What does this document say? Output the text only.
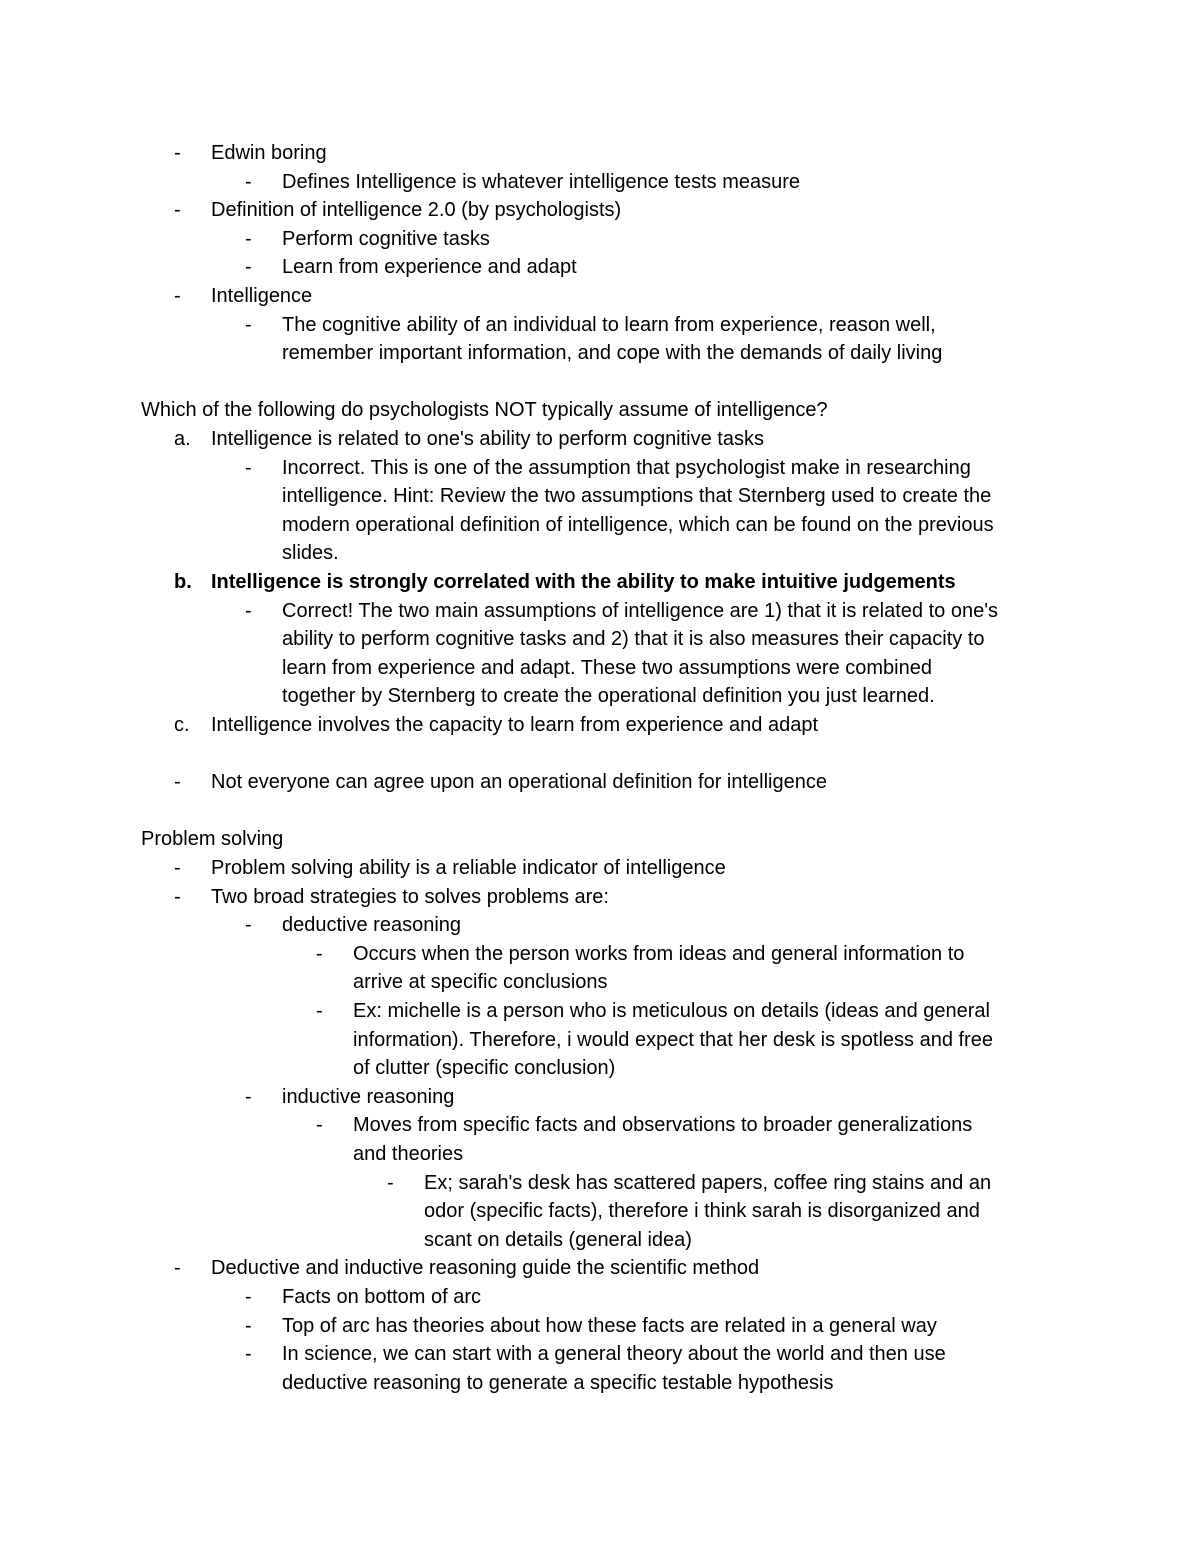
- Edwin boring
- Defines Intelligence is whatever intelligence tests measure
- Definition of intelligence 2.0 (by psychologists)
- Perform cognitive tasks
- Learn from experience and adapt
- Intelligence
- The cognitive ability of an individual to learn from experience, reason well,
remember important information, and cope with the demands of daily living
Which of the following do psychologists NOT typically assume of intelligence?
a. Intelligence is related to one's ability to perform cognitive tasks
- Incorrect. This is one of the assumption that psychologist make in researching
intelligence. Hint: Review the two assumptions that Sternberg used to create the
modern operational definition of intelligence, which can be found on the previous
slides.
b. Intelligence is strongly correlated with the ability to make intuitive judgements
- Correct! The two main assumptions of intelligence are 1) that it is related to one's
ability to perform cognitive tasks and 2) that it is also measures their capacity to
learn from experience and adapt. These two assumptions were combined
together by Sternberg to create the operational definition you just learned.
c. Intelligence involves the capacity to learn from experience and adapt
- Not everyone can agree upon an operational definition for intelligence
Problem solving
- Problem solving ability is a reliable indicator of intelligence
- Two broad strategies to solves problems are:
- deductive reasoning
- Occurs when the person works from ideas and general information to
arrive at specific conclusions
- Ex: michelle is a person who is meticulous on details (ideas and general
information). Therefore, i would expect that her desk is spotless and free
of clutter (specific conclusion)
- inductive reasoning
- Moves from specific facts and observations to broader generalizations
and theories
- Ex; sarah's desk has scattered papers, coffee ring stains and an
odor (specific facts), therefore i think sarah is disorganized and
scant on details (general idea)
- Deductive and inductive reasoning guide the scientific method
- Facts on bottom of arc
- Top of arc has theories about how these facts are related in a general way
- In science, we can start with a general theory about the world and then use
deductive reasoning to generate a specific testable hypothesis
